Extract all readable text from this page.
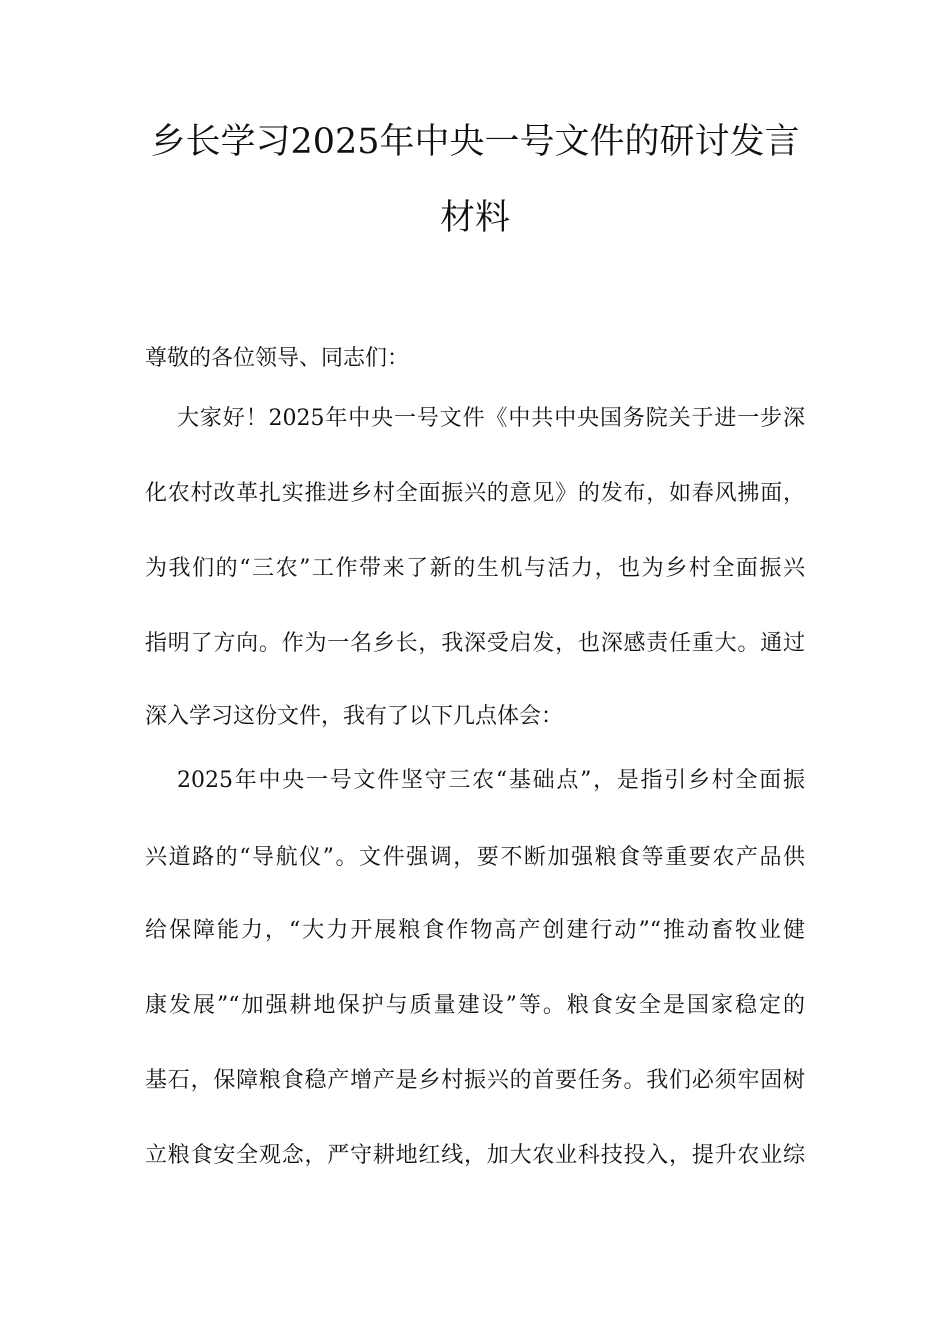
乡长学习2025年中央一号文件的研讨发言
材料
尊敬的各位领导、同志们：
大家好！2025年中央一号文件《中共中央国务院关于进一步深
化农村改革扎实推进乡村全面振兴的意见》的发布，如春风拂面，
为我们的“三农”工作带来了新的生机与活力，也为乡村全面振兴
指明了方向。作为一名乡长，我深受启发，也深感责任重大。通过
深入学习这份文件，我有了以下几点体会：
2025年中央一号文件坚守三农“基础点”，是指引乡村全面振
兴道路的“导航仪”。文件强调，要不断加强粮食等重要农产品供
给保障能力，“大力开展粮食作物高产创建行动”“推动畜牧业健
康发展”“加强耕地保护与质量建设”等。粮食安全是国家稳定的
基石，保障粮食稳产增产是乡村振兴的首要任务。我们必须牢固树
立粮食安全观念，严守耕地红线，加大农业科技投入，提升农业综
